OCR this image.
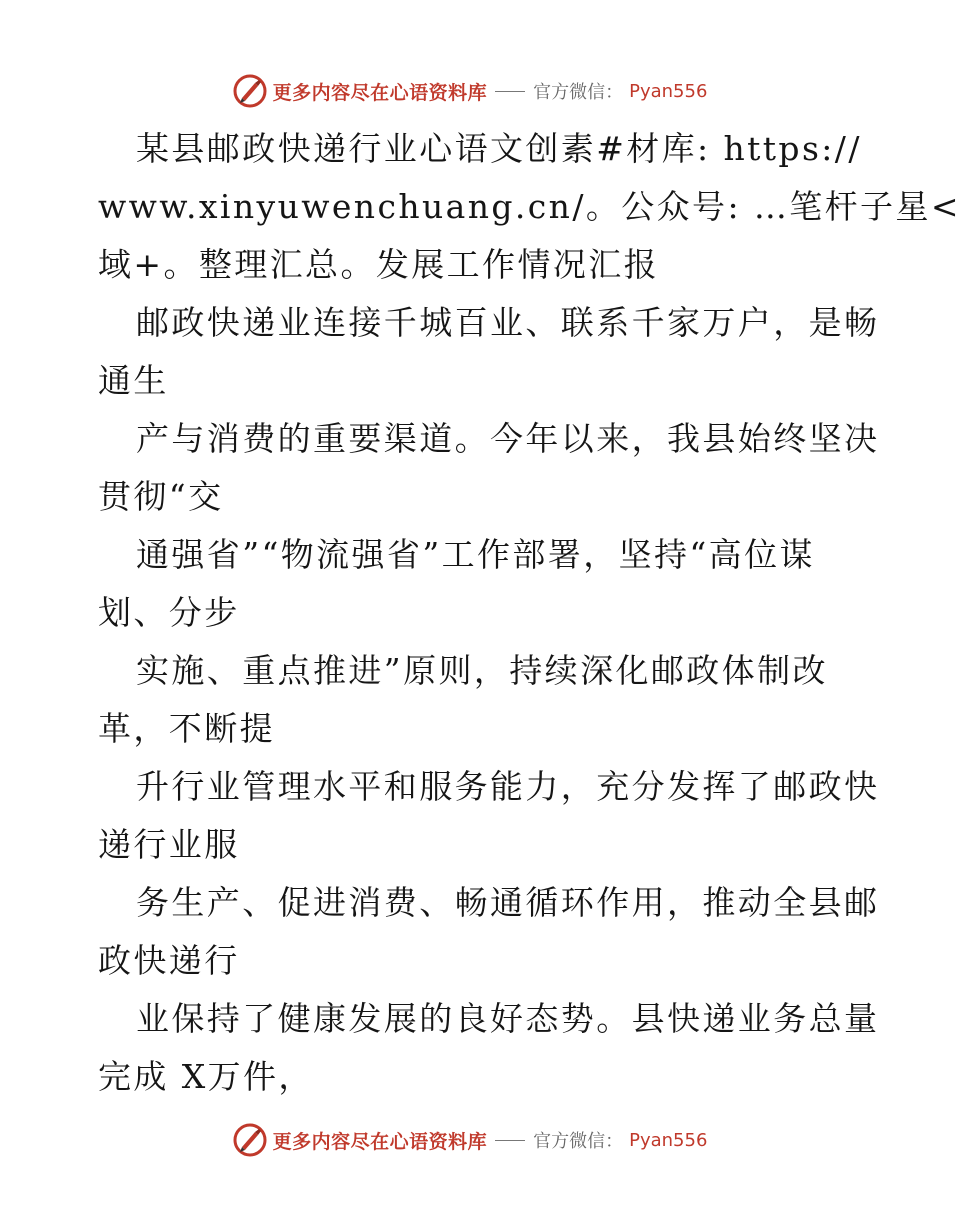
更多内容尽在心语资料库	官方微信： Pyan556
某县邮政快递行业心语文创素#材库: https://
www.xinyuwenchuang.cn/。公众号: …笔杆子星<
域+。整理汇总。发展工作情况汇报
邮政快递业连接千城百业、联系千家万户，是畅
通生
产与消费的重要渠道。今年以来，我县始终坚决
贯彻“交
通强省”“物流强省”工作部署，坚持“高位谋
划、分步
实施、重点推进”原则，持续深化邮政体制改
革，不断提
升行业管理水平和服务能力，充分发挥了邮政快
递行业服
务生产、促进消费、畅通循环作用，推动全县邮
政快递行
业保持了健康发展的良好态势。县快递业务总量
完成 X万件，
更多内容尽在心语资料库	官方微信： Pyan556
